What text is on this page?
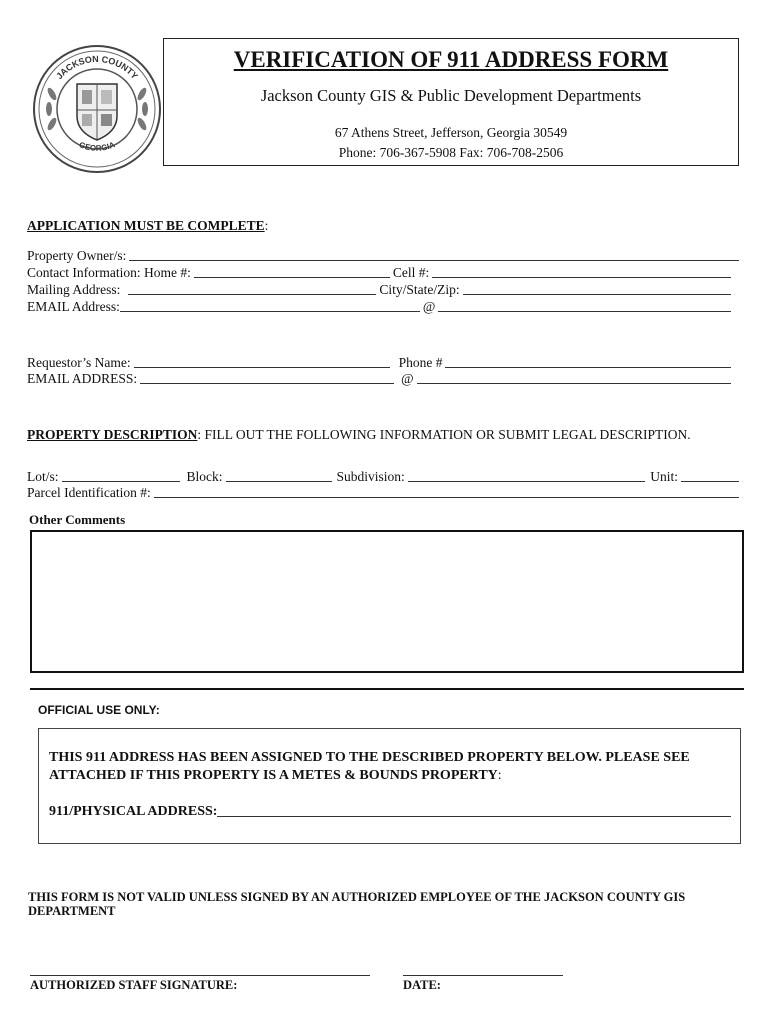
JACKSON COUNTY
GEORGIA
VERIFICATION OF 911 ADDRESS FORM
Jackson County GIS & Public Development Departments
67 Athens Street, Jefferson, Georgia 30549
Phone: 706-367-5908 Fax: 706-708-2506
APPLICATION MUST BE COMPLETE:
Property Owner/s:
Contact Information: Home #:	Cell #:
Mailing Address:	City/State/Zip:
EMAIL Address:	@
Requestor’s Name:	Phone #
EMAIL ADDRESS:	@
PROPERTY DESCRIPTION: FILL OUT THE FOLLOWING INFORMATION OR SUBMIT LEGAL DESCRIPTION.
Lot/s:	Block:	Subdivision:	Unit:
Parcel Identification #:
Other Comments
OFFICIAL USE ONLY:
THIS 911 ADDRESS HAS BEEN ASSIGNED TO THE DESCRIBED PROPERTY BELOW. PLEASE SEE ATTACHED IF THIS PROPERTY IS A METES & BOUNDS PROPERTY:
911/PHYSICAL ADDRESS:
THIS FORM IS NOT VALID UNLESS SIGNED BY AN AUTHORIZED EMPLOYEE OF THE JACKSON COUNTY GIS DEPARTMENT
AUTHORIZED STAFF SIGNATURE:	DATE:
